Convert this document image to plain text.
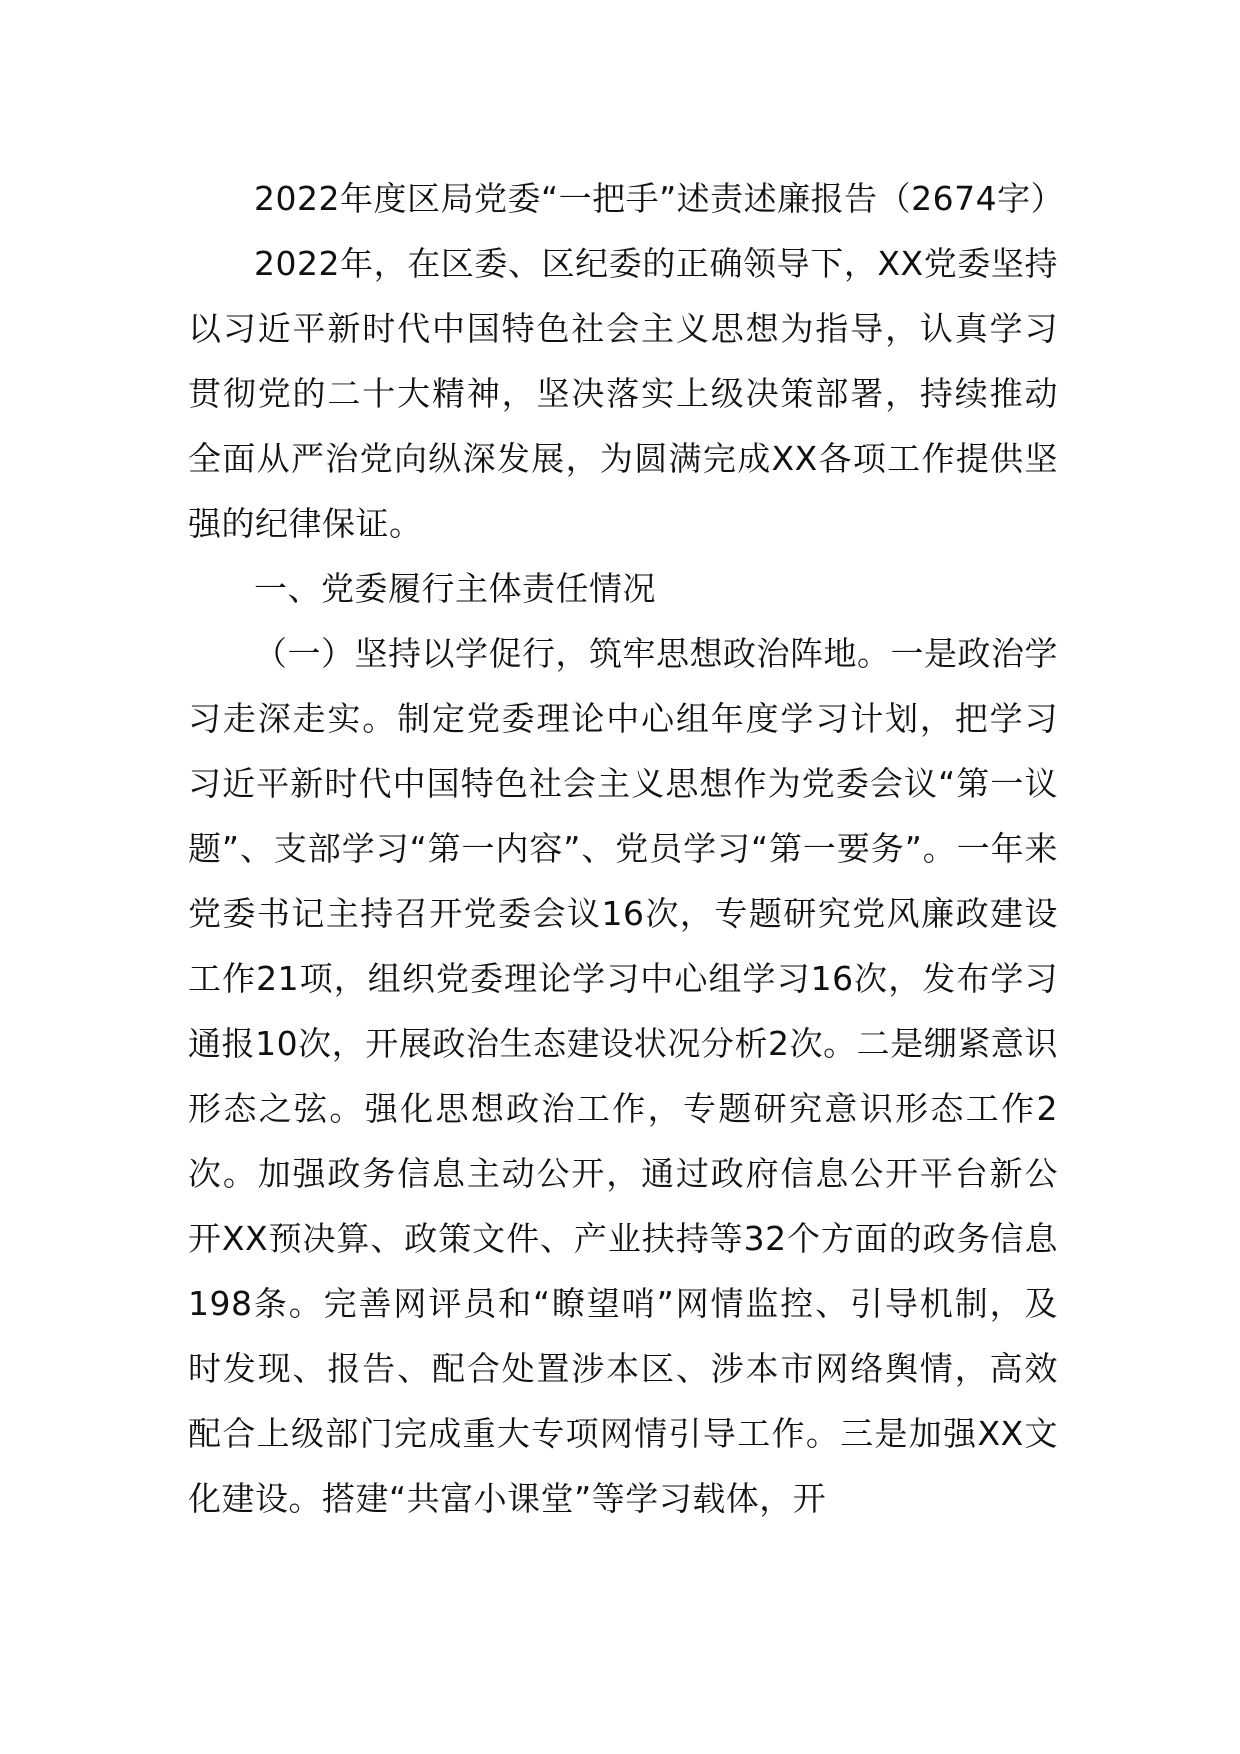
2022年度区局党委“一把手”述责述廉报告（2674字）

2022年，在区委、区纪委的正确领导下，XX党委坚持以习近平新时代中国特色社会主义思想为指导，认真学习贯彻党的二十大精神，坚决落实上级决策部署，持续推动全面从严治党向纵深发展，为圆满完成XX各项工作提供坚强的纪律保证。

一、党委履行主体责任情况

（一）坚持以学促行，筑牢思想政治阵地。一是政治学习走深走实。制定党委理论中心组年度学习计划，把学习习近平新时代中国特色社会主义思想作为党委会议“第一议题”、支部学习“第一内容”、党员学习“第一要务”。一年来党委书记主持召开党委会议16次，专题研究党风廉政建设工作21项，组织党委理论学习中心组学习16次，发布学习通报10次，开展政治生态建设状况分析2次。二是绷紧意识形态之弦。强化思想政治工作，专题研究意识形态工作2次。加强政务信息主动公开，通过政府信息公开平台新公开XX预决算、政策文件、产业扶持等32个方面的政务信息198条。完善网评员和“瞭望哨”网情监控、引导机制，及时发现、报告、配合处置涉本区、涉本市网络舆情，高效配合上级部门完成重大专项网情引导工作。三是加强XX文化建设。搭建“共富小课堂”等学习载体，开
